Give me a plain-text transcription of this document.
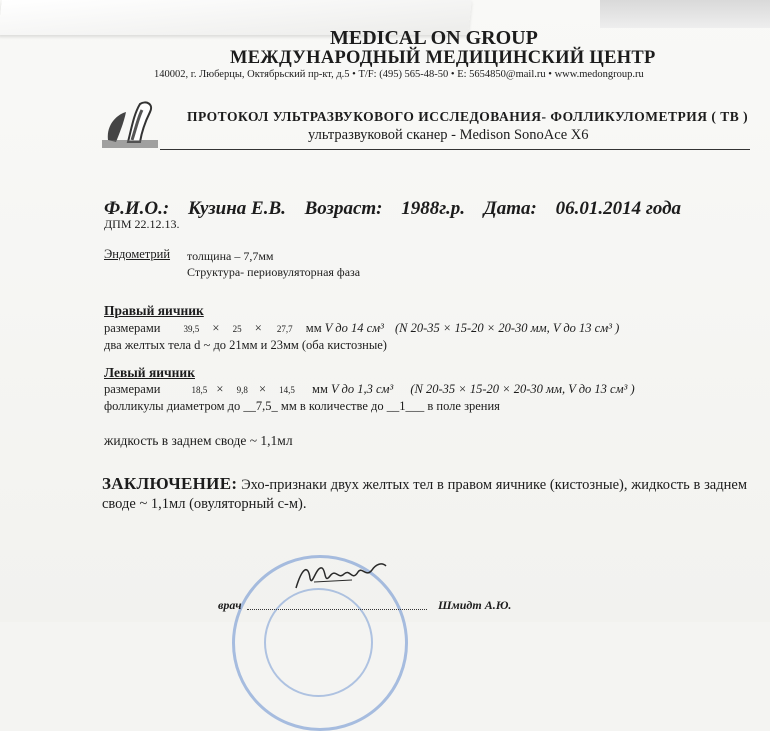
MEDICAL ON GROUP
МЕЖДУНАРОДНЫЙ МЕДИЦИНСКИЙ ЦЕНТР
140002, г. Люберцы, Октябрьский пр-кт, д.5 • T/F: (495) 565-48-50 • E: 5654850@mail.ru • www.medongroup.ru
ПРОТОКОЛ УЛЬТРАЗВУКОВОГО ИССЛЕДОВАНИЯ- ФОЛЛИКУЛОМЕТРИЯ ( ТВ )
ультразвуковой сканер - Medison SonoAce X6
Ф.И.О.: Кузина Е.В. Возраст: 1988г.р. Дата: 06.01.2014 года
ДПМ 22.12.13.
Эндометрий толщина – 7,7мм
Структура- периовуляторная фаза
Правый яичник
размерами	39,5 × 25 × 27,7 мм V до 14 см³ (N 20-35 × 15-20 × 20-30 мм, V до 13 см³ )
два желтых тела d ~ до 21мм и 23мм (оба кистозные)
Левый яичник
размерами	18,5 × 9,8 × 14,5 мм V до 1,3 см³ (N 20-35 × 15-20 × 20-30 мм, V до 13 см³ )
фолликулы диаметром до __7,5_ мм в количестве до __1___ в поле зрения
жидкость в заднем своде ~ 1,1мл
ЗАКЛЮЧЕНИЕ: Эхо-признаки двух желтых тел в правом яичнике (кистозные), жидкость в заднем своде ~ 1,1мл (овуляторный с-м).
врач	Шмидт А.Ю.
